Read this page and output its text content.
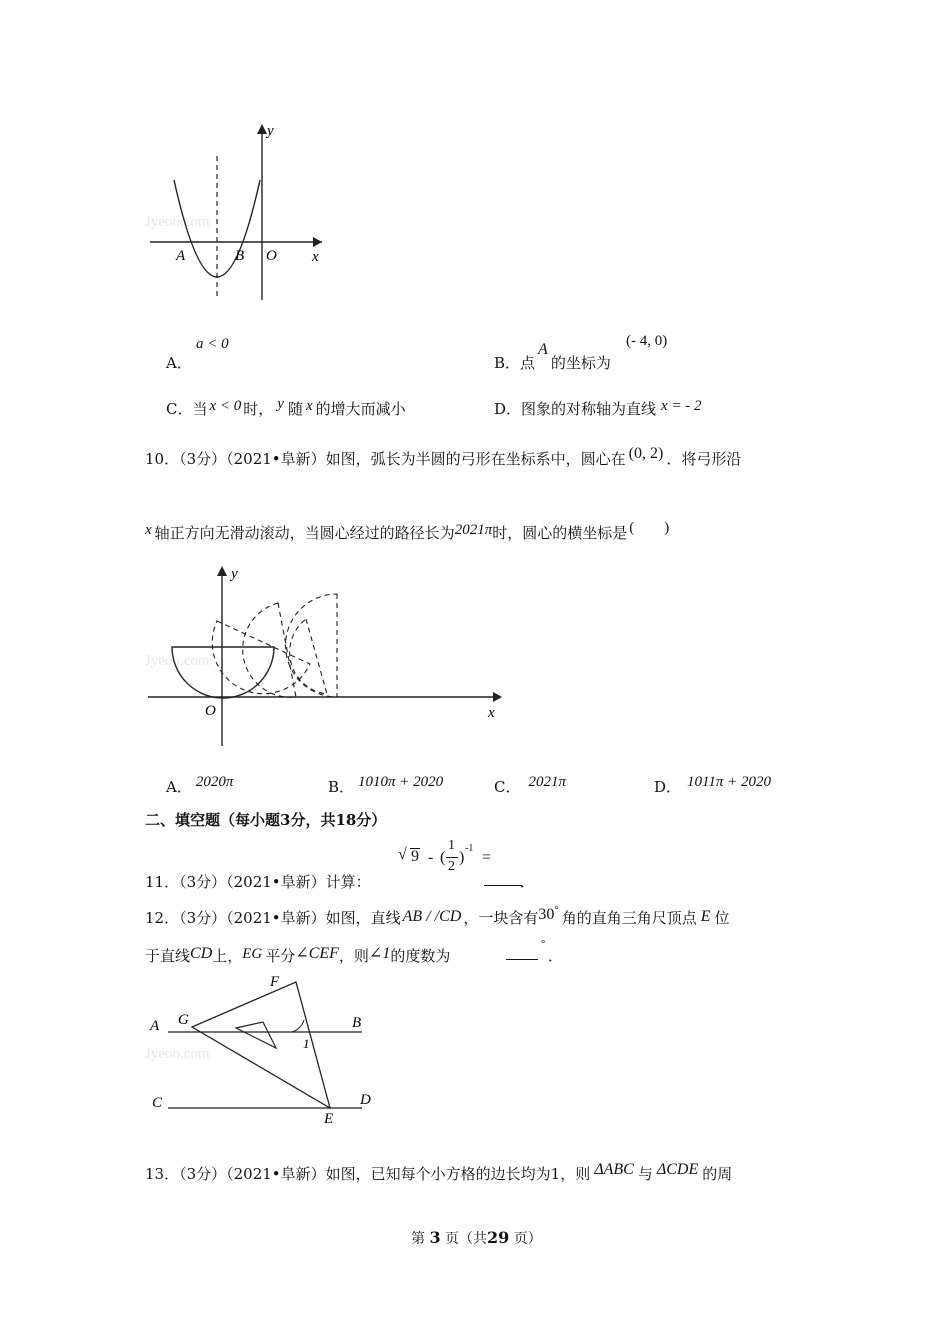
Jyeoo.com
y
x
A	B O
A．
a < 0
B．点A的坐标为
(- 4, 0)
C．当 x < 0 时， y 随 x 的增大而减小	D．图象的对称轴为直线 x = - 2
10．（3分）（2021•阜新）如图，弧长为半圆的弓形在坐标系中，圆心在 (0, 2) ．将弓形沿
x 轴正方向无滑动滚动，当圆心经过的路径长为2021π时，圆心的横坐标是 (        )
Jyeoo.com
y
x
O
A． 2020π	B． 1010π + 2020	C． 2021π	D． 1011π + 2020
二、填空题（每小题3分，共18分）
11．（3分）（2021•阜新）计算：
√ 9 - (
1
2
)
-1
=
．
12．（3分）（2021•阜新）如图，直线 AB / /CD ，一块含有30° 角的直角三角尺顶点 E 位
于直线CD上，EG 平分∠CEF，则∠1的度数为
°
．
Jyeoo.com
A G
F
B
1
C	D
E
13．（3分）（2021•阜新）如图，已知每个小方格的边长均为1，则 ΔABC 与 ΔCDE 的周
第 3 页（共29 页）
